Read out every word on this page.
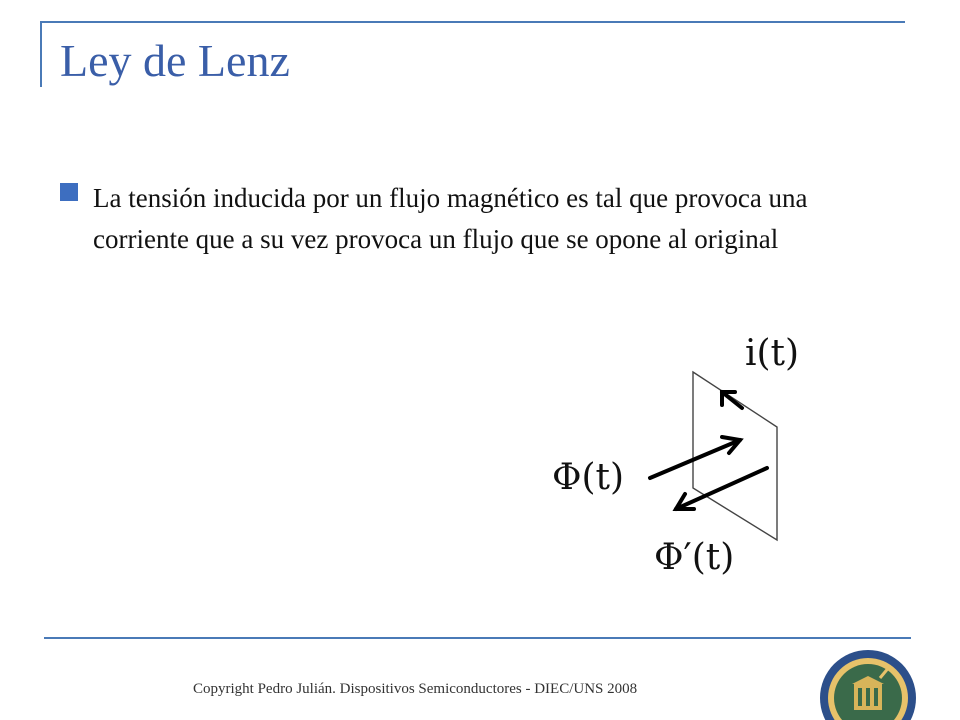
Ley de Lenz
La tensión inducida por un flujo magnético es tal que provoca una corriente que a su vez provoca un flujo que se opone al original
i(t)
Φ(t)
Φ′(t)
Copyright Pedro Julián. Dispositivos Semiconductores - DIEC/UNS 2008
